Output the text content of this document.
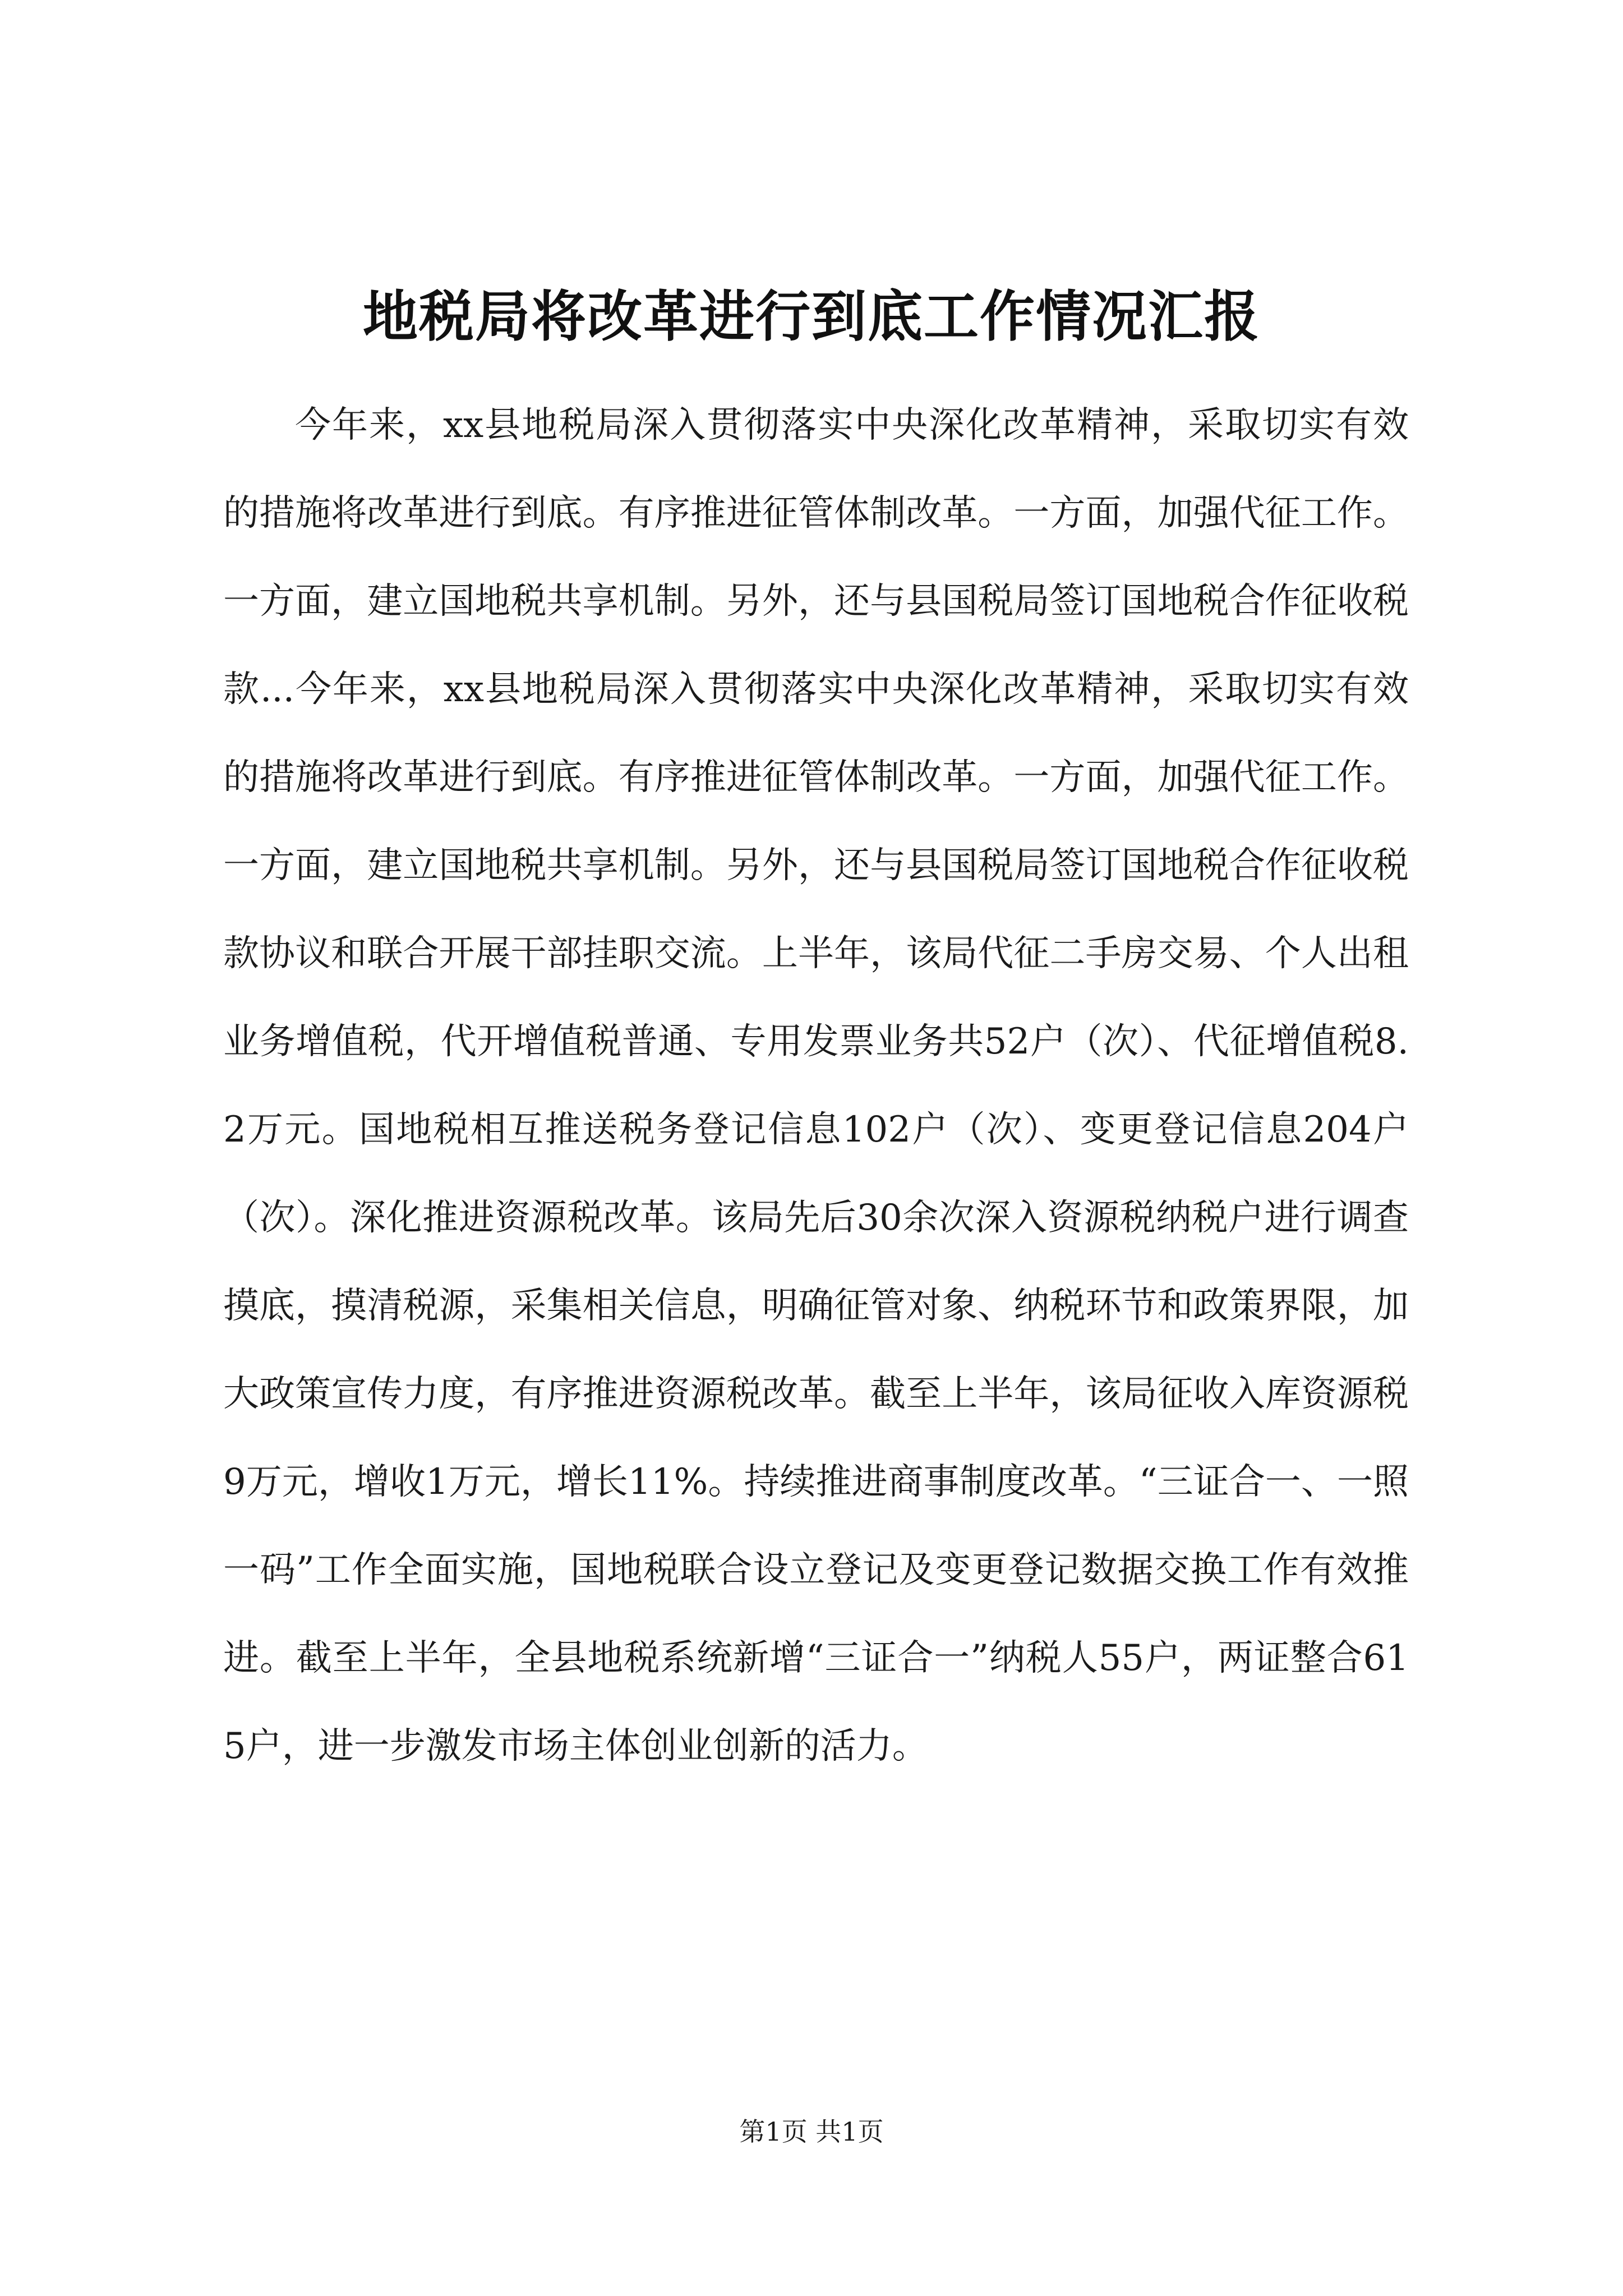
地税局将改革进行到底工作情况汇报

今年来，xx县地税局深入贯彻落实中央深化改革精神，采取切实有效的措施将改革进行到底。有序推进征管体制改革。一方面，加强代征工作。一方面，建立国地税共享机制。另外，还与县国税局签订国地税合作征收税款...今年来，xx县地税局深入贯彻落实中央深化改革精神，采取切实有效的措施将改革进行到底。有序推进征管体制改革。一方面，加强代征工作。一方面，建立国地税共享机制。另外，还与县国税局签订国地税合作征收税款协议和联合开展干部挂职交流。上半年，该局代征二手房交易、个人出租业务增值税，代开增值税普通、专用发票业务共52户（次）、代征增值税8.2万元。国地税相互推送税务登记信息102户（次）、变更登记信息204户（次）。深化推进资源税改革。该局先后30余次深入资源税纳税户进行调查摸底，摸清税源，采集相关信息，明确征管对象、纳税环节和政策界限，加大政策宣传力度，有序推进资源税改革。截至上半年，该局征收入库资源税9万元，增收1万元，增长11%。持续推进商事制度改革。“三证合一、一照一码”工作全面实施，国地税联合设立登记及变更登记数据交换工作有效推进。截至上半年，全县地税系统新增“三证合一”纳税人55户，两证整合615户，进一步激发市场主体创业创新的活力。

第1页 共1页
